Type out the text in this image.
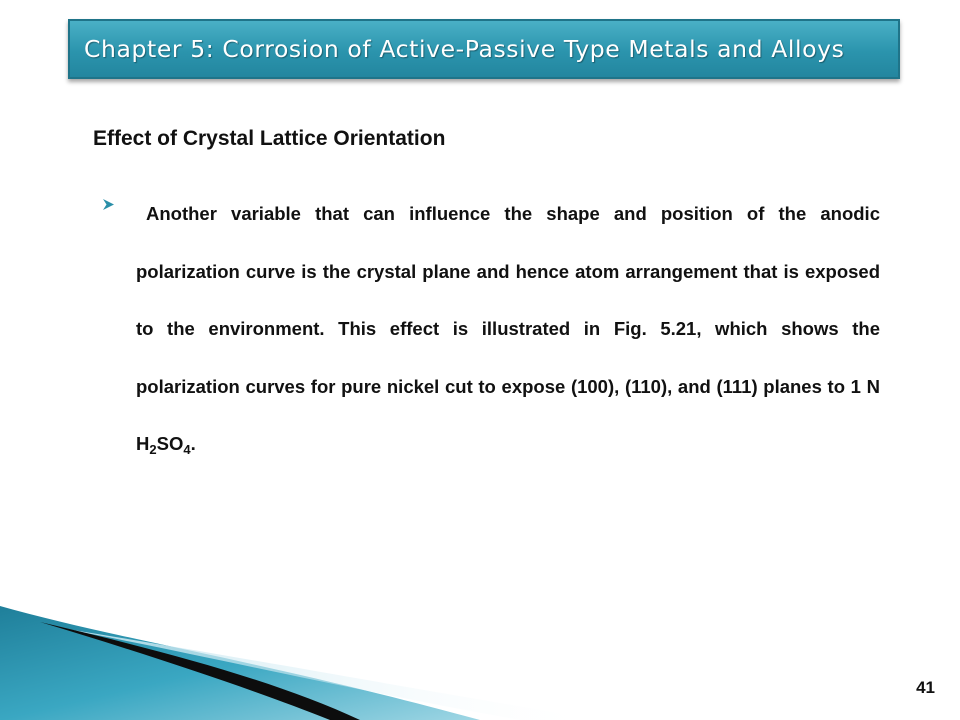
Chapter 5: Corrosion of Active-Passive Type Metals and Alloys
Effect of Crystal Lattice Orientation

Another variable that can influence the shape and position of the anodic polarization curve is the crystal plane and hence atom arrangement that is exposed to the environment. This effect is illustrated in Fig. 5.21, which shows the polarization curves for pure nickel cut to expose (100), (110), and (111) planes to 1 N $H_2SO_4$.

41
